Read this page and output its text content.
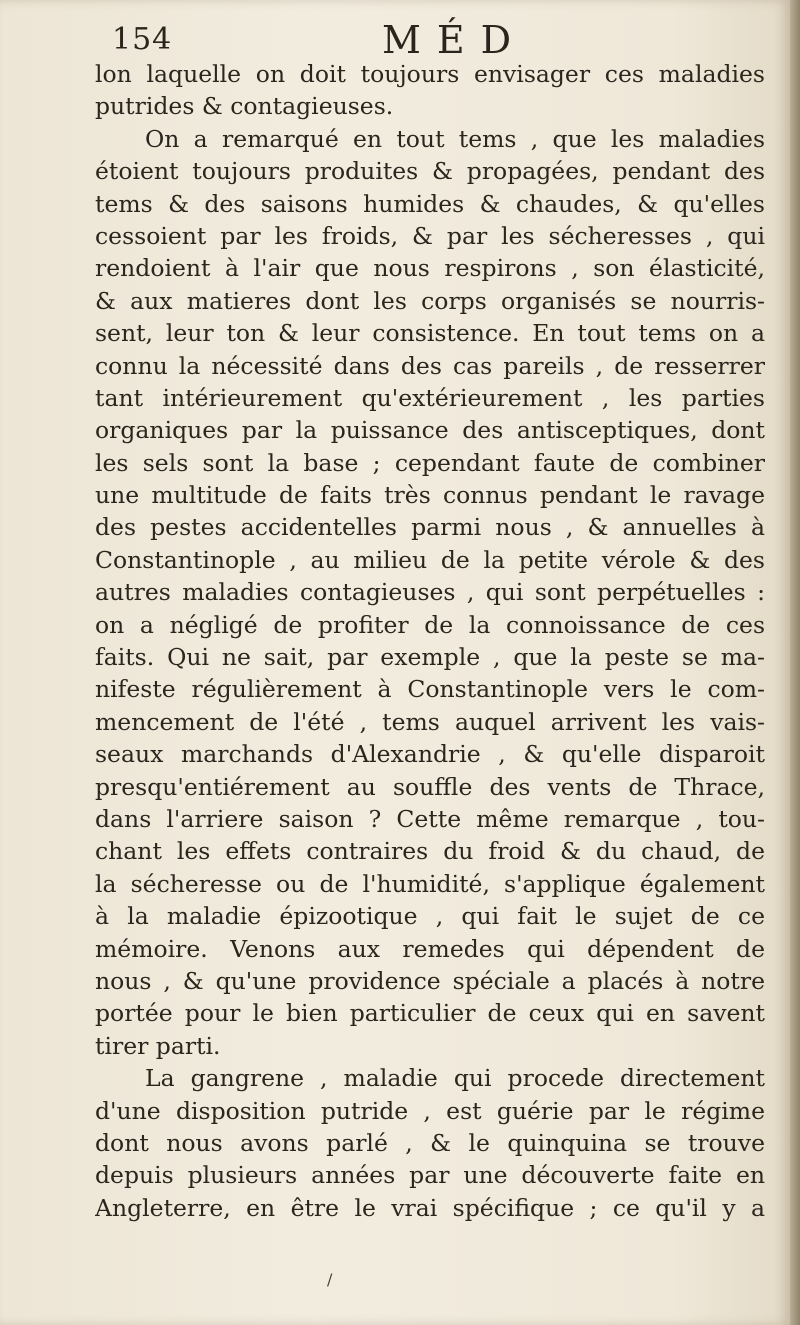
154	MÉD
lon laquelle on doit toujours envisager ces maladies
putrides & contagieuses.
On a remarqué en tout tems , que les maladies
étoient toujours produites & propagées, pendant des
tems & des saisons humides & chaudes, & qu'elles
cessoient par les froids, & par les sécheresses , qui
rendoient à l'air que nous respirons , son élasticité,
& aux matieres dont les corps organisés se nourris-
sent, leur ton & leur consistence. En tout tems on a
connu la nécessité dans des cas pareils , de resserrer
tant intérieurement qu'extérieurement , les parties
organiques par la puissance des antisceptiques, dont
les sels sont la base ; cependant faute de combiner
une multitude de faits très connus pendant le ravage
des pestes accidentelles parmi nous , & annuelles à
Constantinople , au milieu de la petite vérole & des
autres maladies contagieuses , qui sont perpétuelles :
on a négligé de profiter de la connoissance de ces
faits. Qui ne sait, par exemple , que la peste se ma-
nifeste régulièrement à Constantinople vers le com-
mencement de l'été , tems auquel arrivent les vais-
seaux marchands d'Alexandrie , & qu'elle disparoit
presqu'entiérement au souffle des vents de Thrace,
dans l'arriere saison ? Cette même remarque , tou-
chant les effets contraires du froid & du chaud, de
la sécheresse ou de l'humidité, s'applique également
à la maladie épizootique , qui fait le sujet de ce
mémoire. Venons aux remedes qui dépendent de
nous , & qu'une providence spéciale a placés à notre
portée pour le bien particulier de ceux qui en savent
tirer parti.
La gangrene , maladie qui procede directement
d'une disposition putride , est guérie par le régime
dont nous avons parlé , & le quinquina se trouve
depuis plusieurs années par une découverte faite en
Angleterre, en être le vrai spécifique ; ce qu'il y a
/
